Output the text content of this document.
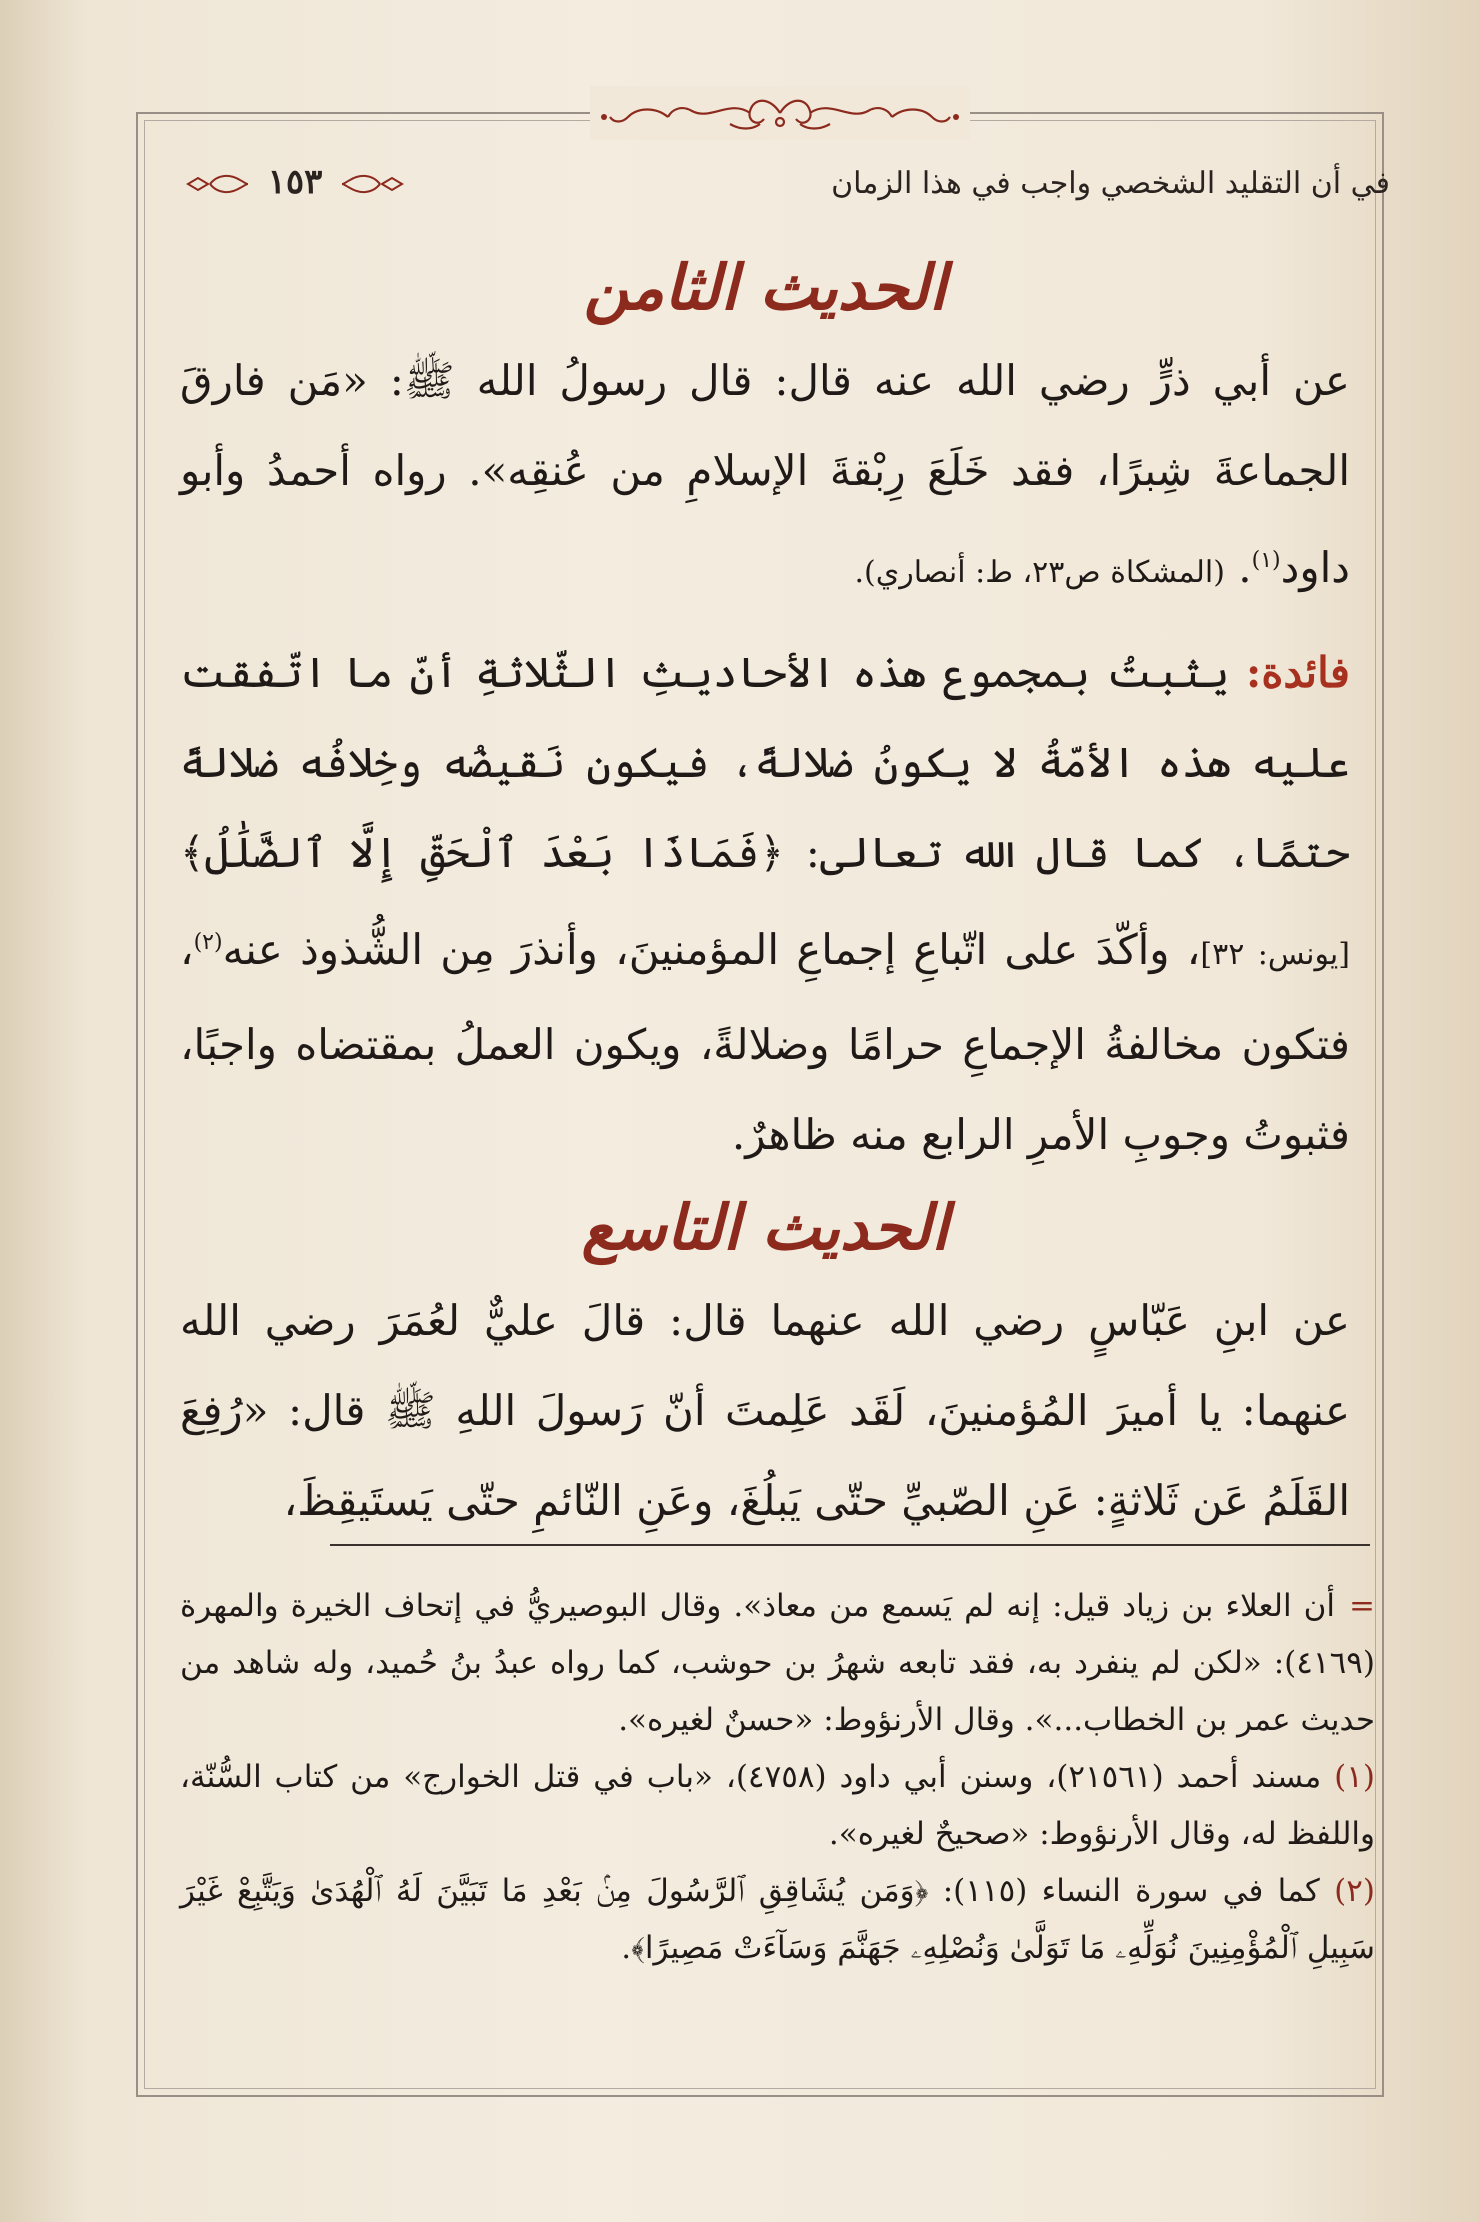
في أن التقليد الشخصي واجب في هذا الزمان
١٥٣
الحديث الثامن

عن أبي ذرٍّ رضي الله عنه قال: قال رسولُ الله ﷺ: «مَن فارقَ الجماعةَ شِبرًا، فقد خَلَعَ رِبْقةَ الإسلامِ من عُنقِه». رواه أحمدُ وأبو داود$^{(١)}$. (المشكاة ص٢٣، ط: أنصاري).

فائدة: يثبتُ بمجموع هذه الأحاديثِ الثّلاثةِ أنّ ما اتّفقت عليه هذه الأمّةُ لا يكونُ ضلالةً، فيكون نَقيضُه وخِلافُه ضلالةً حتمًا، كما قال الله تعالى: ﴿فَمَاذَا بَعْدَ ٱلْحَقِّ إِلَّا ٱلضَّلَٰلُ﴾ [يونس: ٣٢]، وأكّدَ على اتّباعِ إجماعِ المؤمنينَ، وأنذرَ مِن الشُّذوذ عنه$^{(٢)}$، فتكون مخالفةُ الإجماعِ حرامًا وضلالةً، ويكون العملُ بمقتضاه واجبًا، فثبوتُ وجوبِ الأمرِ الرابع منه ظاهرٌ.

الحديث التاسع

عن ابنِ عَبّاسٍ رضي الله عنهما قال: قالَ عليٌّ لعُمَرَ رضي الله عنهما: يا أميرَ المُؤمنينَ، لَقَد عَلِمتَ أنّ رَسولَ اللهِ ﷺ قال: «رُفِعَ القَلَمُ عَن ثَلاثةٍ: عَنِ الصّبيِّ حتّى يَبلُغَ، وعَنِ النّائمِ حتّى يَستَيقِظَ،

=أن العلاء بن زياد قيل: إنه لم يَسمع من معاذ». وقال البوصيريُّ في إتحاف الخيرة والمهرة (٤١٦٩): «لكن لم ينفرد به، فقد تابعه شهرُ بن حوشب، كما رواه عبدُ بنُ حُميد، وله شاهد من حديث عمر بن الخطاب...». وقال الأرنؤوط: «حسنٌ لغيره».

(١) مسند أحمد (٢١٥٦١)، وسنن أبي داود (٤٧٥٨)، «باب في قتل الخوارج» من كتاب السُّنّة، واللفظ له، وقال الأرنؤوط: «صحيحٌ لغيره».

(٢) كما في سورة النساء (١١٥): ﴿وَمَن يُشَاقِقِ ٱلرَّسُولَ مِنۢ بَعْدِ مَا تَبَيَّنَ لَهُ ٱلْهُدَىٰ وَيَتَّبِعْ غَيْرَ سَبِيلِ ٱلْمُؤْمِنِينَ نُوَلِّهِۦ مَا تَوَلَّىٰ وَنُصْلِهِۦ جَهَنَّمَ وَسَآءَتْ مَصِيرًا﴾.
